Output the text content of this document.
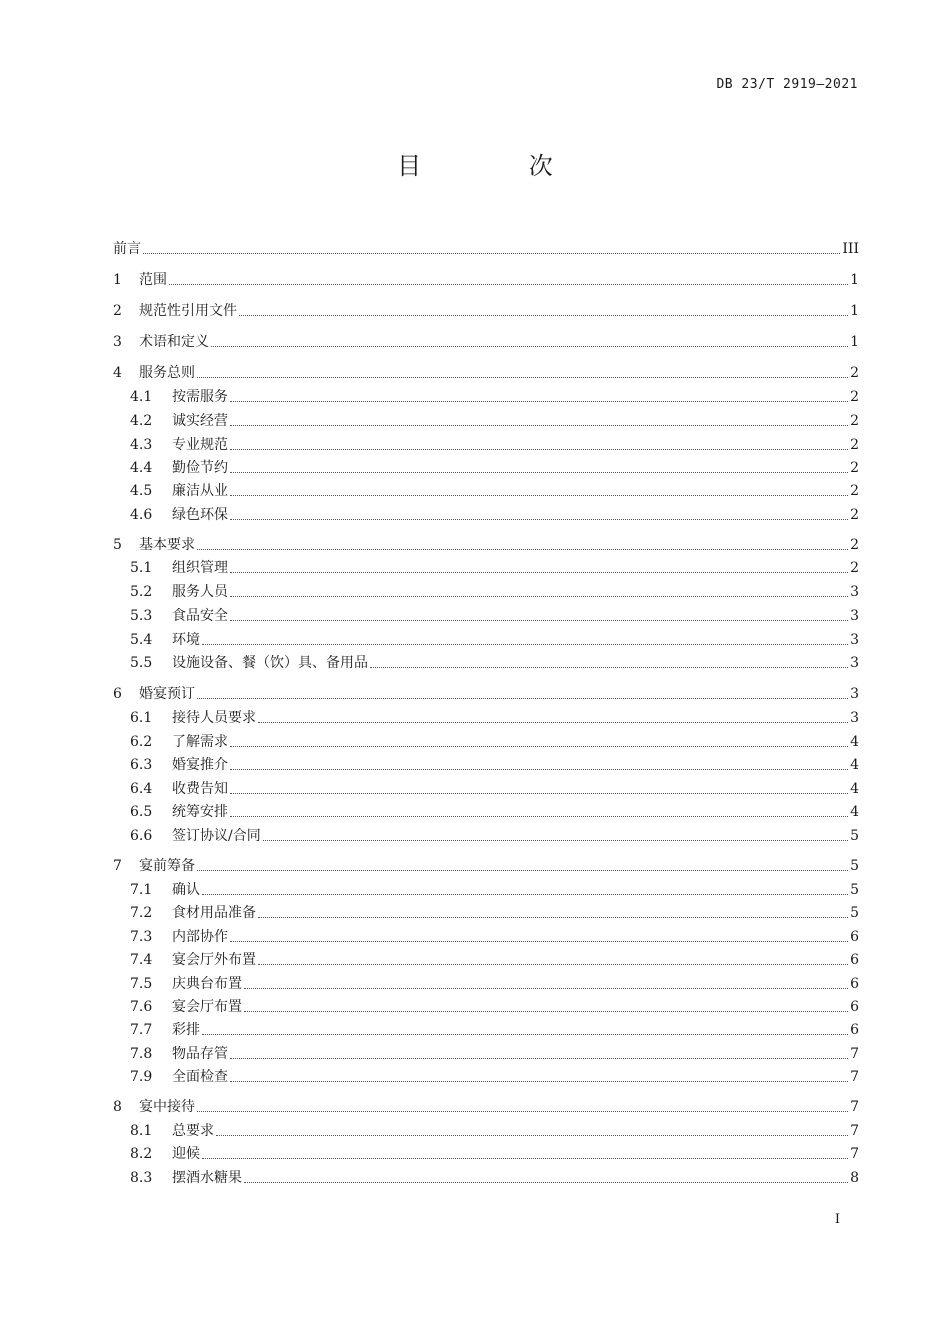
DB 23/T 2919—2021
目 次
前言	III
1	范围	1
2	规范性引用文件	1
3	术语和定义	1
4	服务总则	2
4.1	按需服务	2
4.2	诚实经营	2
4.3	专业规范	2
4.4	勤俭节约	2
4.5	廉洁从业	2
4.6	绿色环保	2
5	基本要求	2
5.1	组织管理	2
5.2	服务人员	3
5.3	食品安全	3
5.4	环境	3
5.5	设施设备、餐（饮）具、备用品	3
6	婚宴预订	3
6.1	接待人员要求	3
6.2	了解需求	4
6.3	婚宴推介	4
6.4	收费告知	4
6.5	统筹安排	4
6.6	签订协议/合同	5
7	宴前筹备	5
7.1	确认	5
7.2	食材用品准备	5
7.3	内部协作	6
7.4	宴会厅外布置	6
7.5	庆典台布置	6
7.6	宴会厅布置	6
7.7	彩排	6
7.8	物品存管	7
7.9	全面检查	7
8	宴中接待	7
8.1	总要求	7
8.2	迎候	7
8.3	摆酒水糖果	8
I
